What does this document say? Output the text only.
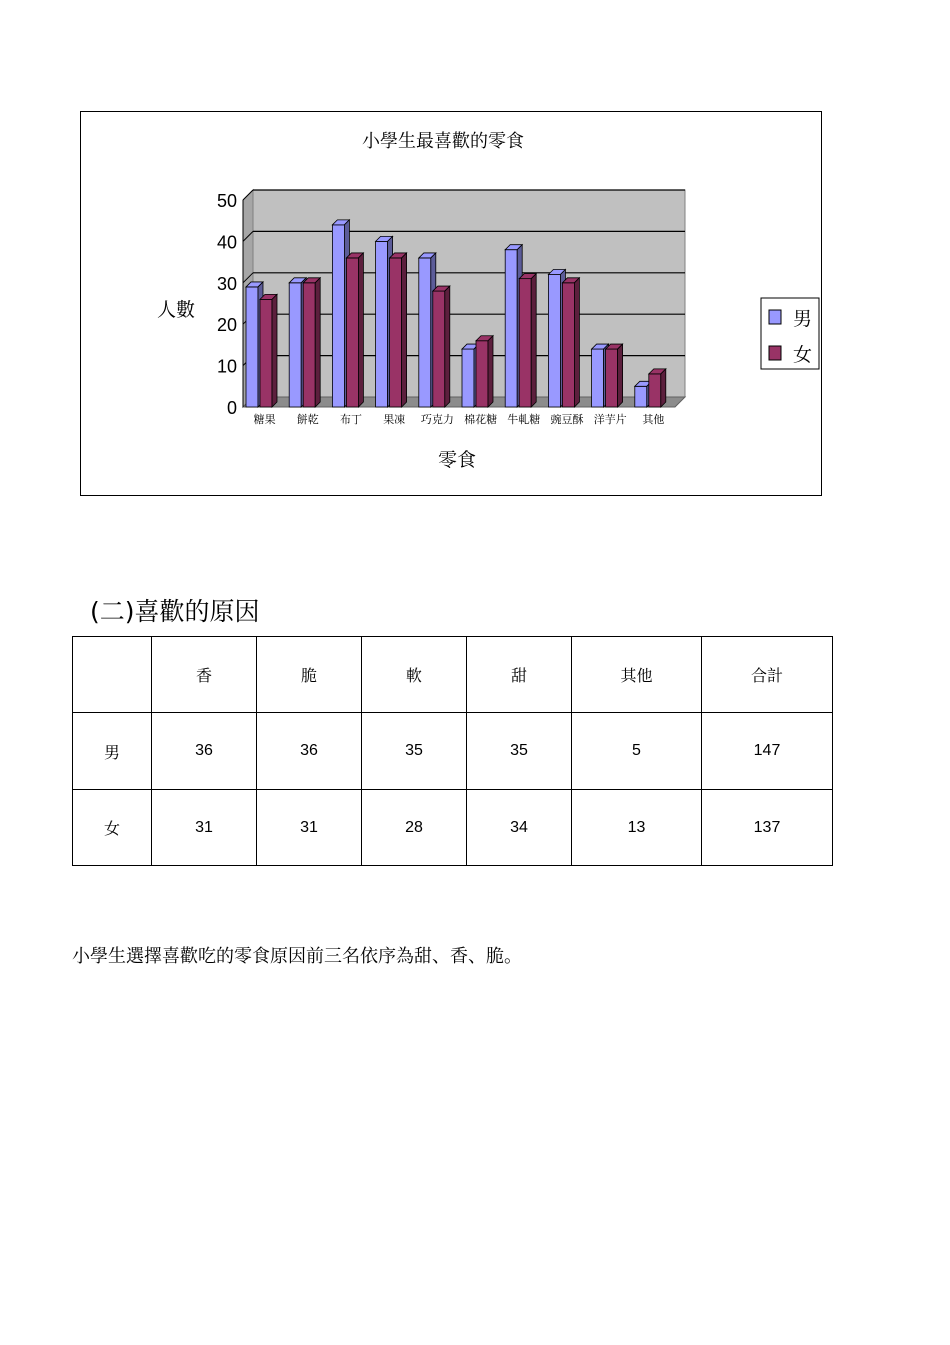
0
10
20
30
40
50
糖果 餅乾 布丁 果凍 巧克力 棉花糖 牛軋糖 豌豆酥 洋芋片 其他
小學生最喜歡的零食
人數
零食
男
女
(二)喜歡的原因
	香	脆	軟	甜	其他	合計
男	36	36	35	35	5	147
女	31	31	28	34	13	137
小學生選擇喜歡吃的零食原因前三名依序為甜、香、脆。
